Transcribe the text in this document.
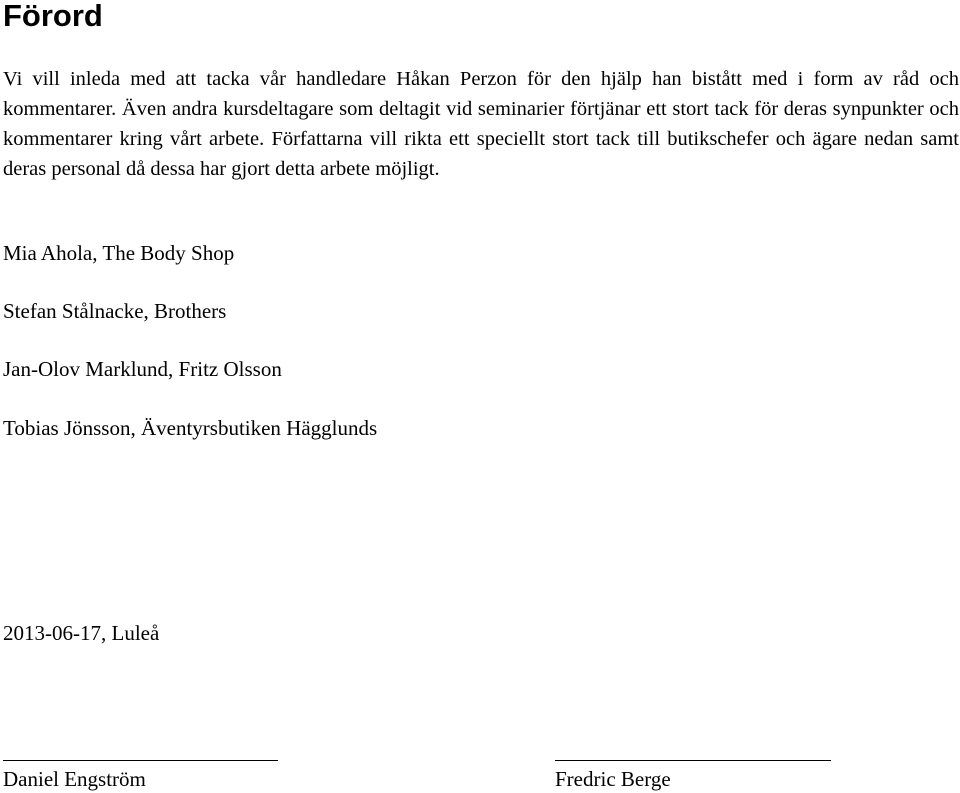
Förord

Vi vill inleda med att tacka vår handledare Håkan Perzon för den hjälp han bistått med i form av råd och kommentarer. Även andra kursdeltagare som deltagit vid seminarier förtjänar ett stort tack för deras synpunkter och kommentarer kring vårt arbete. Författarna vill rikta ett speciellt stort tack till butikschefer och ägare nedan samt deras personal då dessa har gjort detta arbete möjligt.

Mia Ahola, The Body Shop

Stefan Stålnacke, Brothers

Jan-Olov Marklund, Fritz Olsson

Tobias Jönsson, Äventyrsbutiken Hägglunds

2013-06-17, Luleå

Daniel Engström	Fredric Berge
